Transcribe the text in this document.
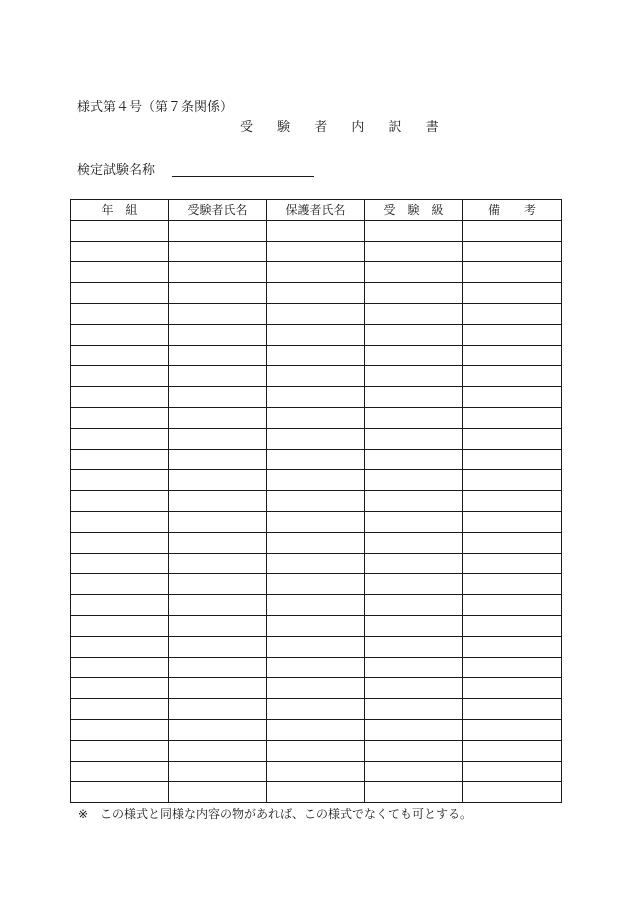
様式第４号（第７条関係）
受 験 者 内 訳 書
検定試験名称
年　組	受験者氏名	保護者氏名	受　験　級	備　　考

※ この様式と同様な内容の物があれば、この様式でなくても可とする。
